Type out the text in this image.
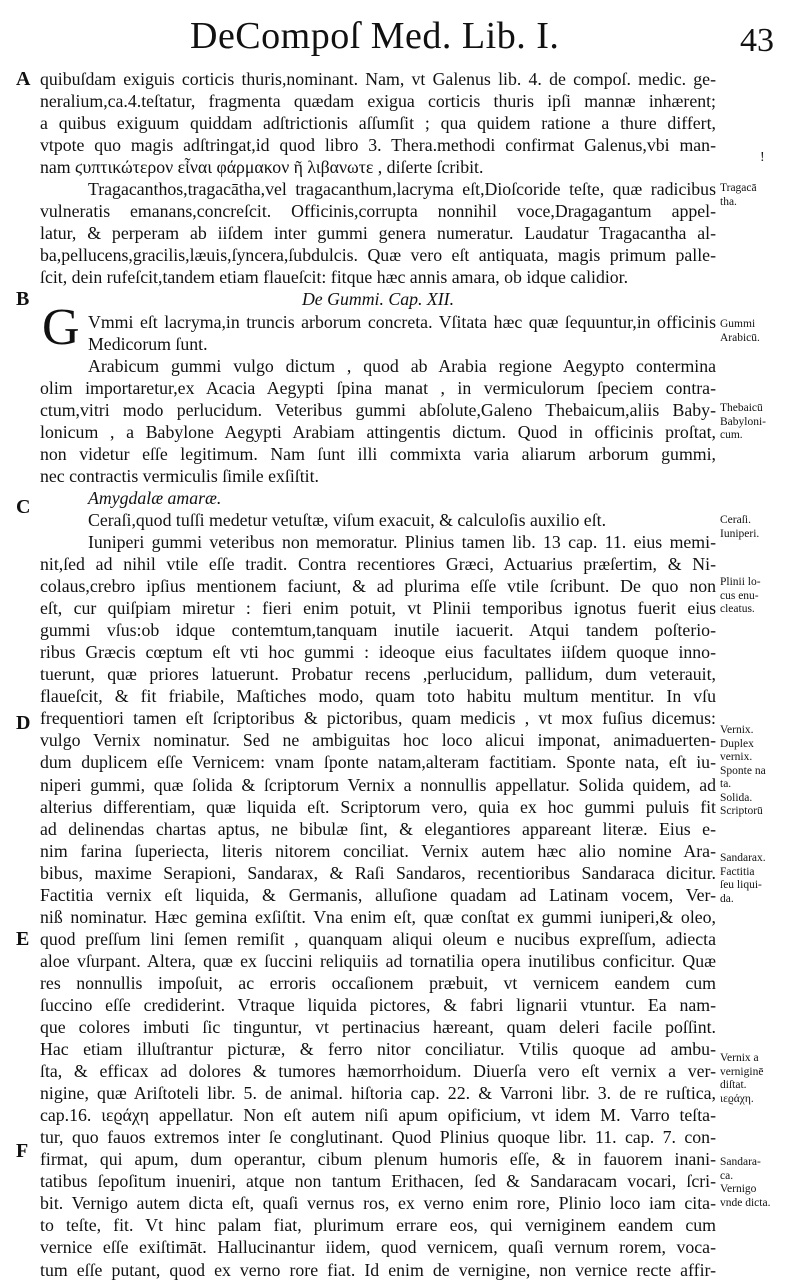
DeCompoſ Med. Lib. I.	43
!
A
B
C
D
E
F
G
Tragacā
tha.
Gummi
Arabicū.
Thebaicū
Babyloni-
cum.
Ceraſi.
Iuniperi.
Plinii lo-
cus enu-
cleatus.
Vernix.
Duplex
vernix.
Sponte na
ta.
Solida.
Scriptorū
Sandarax.
Factitia
ſeu liqui-
da.
Vernix a
verniginē
diſtat.
ιεϱάχη.
Sandara-
ca.
Vernigo
vnde dicta.
quibuſdam exiguis corticis thuris,nominant. Nam, vt Galenus lib. 4. de compoſ. medic. ge-
neralium,ca.4.teſtatur, fragmenta quædam exigua corticis thuris ipſi mannæ inhærent;
a quibus exiguum quiddam adſtrictionis aſſumſit ; qua quidem ratione a thure differt,
vtpote quo magis adſtringat,id quod libro 3. Thera.methodi confirmat Galenus,vbi man-
nam ϛυπτικώτερον εἶναι φάρμακον ῆ λιβανωτε , diſerte ſcribit.
Tragacanthos,tragacātha,vel tragacanthum,lacryma eſt,Dioſcoride teſte, quæ radicibus
vulneratis emanans,concreſcit. Officinis,corrupta nonnihil voce,Dragagantum appel-
latur, & perperam ab iiſdem inter gummi genera numeratur. Laudatur Tragacantha al-
ba,pellucens,gracilis,læuis,ſyncera,ſubdulcis. Quæ vero eſt antiquata, magis primum palle-
ſcit, dein rufeſcit,tandem etiam flaueſcit: fitque hæc annis amara, ob idque calidior.
De Gummi. Cap. XII.
Vmmi eſt lacryma,in truncis arborum concreta. Vſitata hæc quæ ſequuntur,in officinis
Medicorum ſunt.
Arabicum gummi vulgo dictum , quod ab Arabia regione Aegypto contermina
olim importaretur,ex Acacia Aegypti ſpina manat , in vermiculorum ſpeciem contra-
ctum,vitri modo perlucidum. Veteribus gummi abſolute,Galeno Thebaicum,aliis Baby-
lonicum , a Babylone Aegypti Arabiam attingentis dictum. Quod in officinis proſtat,
non videtur eſſe legitimum. Nam ſunt illi commixta varia aliarum arborum gummi,
nec contractis vermiculis ſimile exſiſtit.
Amygdalæ amaræ.
Ceraſi,quod tuſſi medetur vetuſtæ, viſum exacuit, & calculoſis auxilio eſt.
Iuniperi gummi veteribus non memoratur. Plinius tamen lib. 13 cap. 11. eius memi-
nit,ſed ad nihil vtile eſſe tradit. Contra recentiores Græci, Actuarius præſertim, & Ni-
colaus,crebro ipſius mentionem faciunt, & ad plurima eſſe vtile ſcribunt. De quo non
eſt, cur quiſpiam miretur : fieri enim potuit, vt Plinii temporibus ignotus fuerit eius
gummi vſus:ob idque contemtum,tanquam inutile iacuerit. Atqui tandem poſterio-
ribus Græcis cœptum eſt vti hoc gummi : ideoque eius facultates iiſdem quoque inno-
tuerunt, quæ priores latuerunt. Probatur recens ,perlucidum, pallidum, dum veterauit,
flaueſcit, & fit friabile, Maſtiches modo, quam toto habitu multum mentitur. In vſu
frequentiori tamen eſt ſcriptoribus & pictoribus, quam medicis , vt mox fuſius dicemus:
vulgo Vernix nominatur. Sed ne ambiguitas hoc loco alicui imponat, animaduerten-
dum duplicem eſſe Vernicem: vnam ſponte natam,alteram factitiam. Sponte nata, eſt iu-
niperi gummi, quæ ſolida & ſcriptorum Vernix a nonnullis appellatur. Solida quidem, ad
alterius differentiam, quæ liquida eſt. Scriptorum vero, quia ex hoc gummi puluis fit
ad delinendas chartas aptus, ne bibulæ ſint, & elegantiores appareant literæ. Eius e-
nim farina ſuperiecta, literis nitorem conciliat. Vernix autem hæc alio nomine Ara-
bibus, maxime Serapioni, Sandarax, & Raſi Sandaros, recentioribus Sandaraca dicitur.
Factitia vernix eſt liquida, & Germanis, alluſione quadam ad Latinam vocem, Ver-
niß nominatur. Hæc gemina exſiſtit. Vna enim eſt, quæ conſtat ex gummi iuniperi,& oleo,
quod preſſum lini ſemen remiſit , quanquam aliqui oleum e nucibus expreſſum, adiecta
aloe vſurpant. Altera, quæ ex ſuccini reliquiis ad tornatilia opera inutilibus conficitur. Quæ
res nonnullis impoſuit, ac erroris occaſionem præbuit, vt vernicem eandem cum
ſuccino eſſe crediderint. Vtraque liquida pictores, & fabri lignarii vtuntur. Ea nam-
que colores imbuti ſic tinguntur, vt pertinacius hæreant, quam deleri facile poſſint.
Hac etiam illuſtrantur picturæ, & ferro nitor conciliatur. Vtilis quoque ad ambu-
ſta, & efficax ad dolores & tumores hæmorrhoidum. Diuerſa vero eſt vernix a ver-
nigine, quæ Ariſtoteli libr. 5. de animal. hiſtoria cap. 22. & Varroni libr. 3. de re ruſtica,
cap.16. ιεϱάχη appellatur. Non eſt autem niſi apum opificium, vt idem M. Varro teſta-
tur, quo fauos extremos inter ſe conglutinant. Quod Plinius quoque libr. 11. cap. 7. con-
firmat, qui apum, dum operantur, cibum plenum humoris eſſe, & in fauorem inani-
tatibus ſepoſitum inueniri, atque non tantum Erithacen, ſed & Sandaracam vocari, ſcri-
bit. Vernigo autem dicta eſt, quaſi vernus ros, ex verno enim rore, Plinio loco iam cita-
to teſte, fit. Vt hinc palam fiat, plurimum errare eos, qui verniginem eandem cum
vernice eſſe exiſtimāt. Hallucinantur iidem, quod vernicem, quaſi vernum rorem, voca-
tum eſſe putant, quod ex verno rore fiat. Id enim de vernigine, non vernice recte affir-
